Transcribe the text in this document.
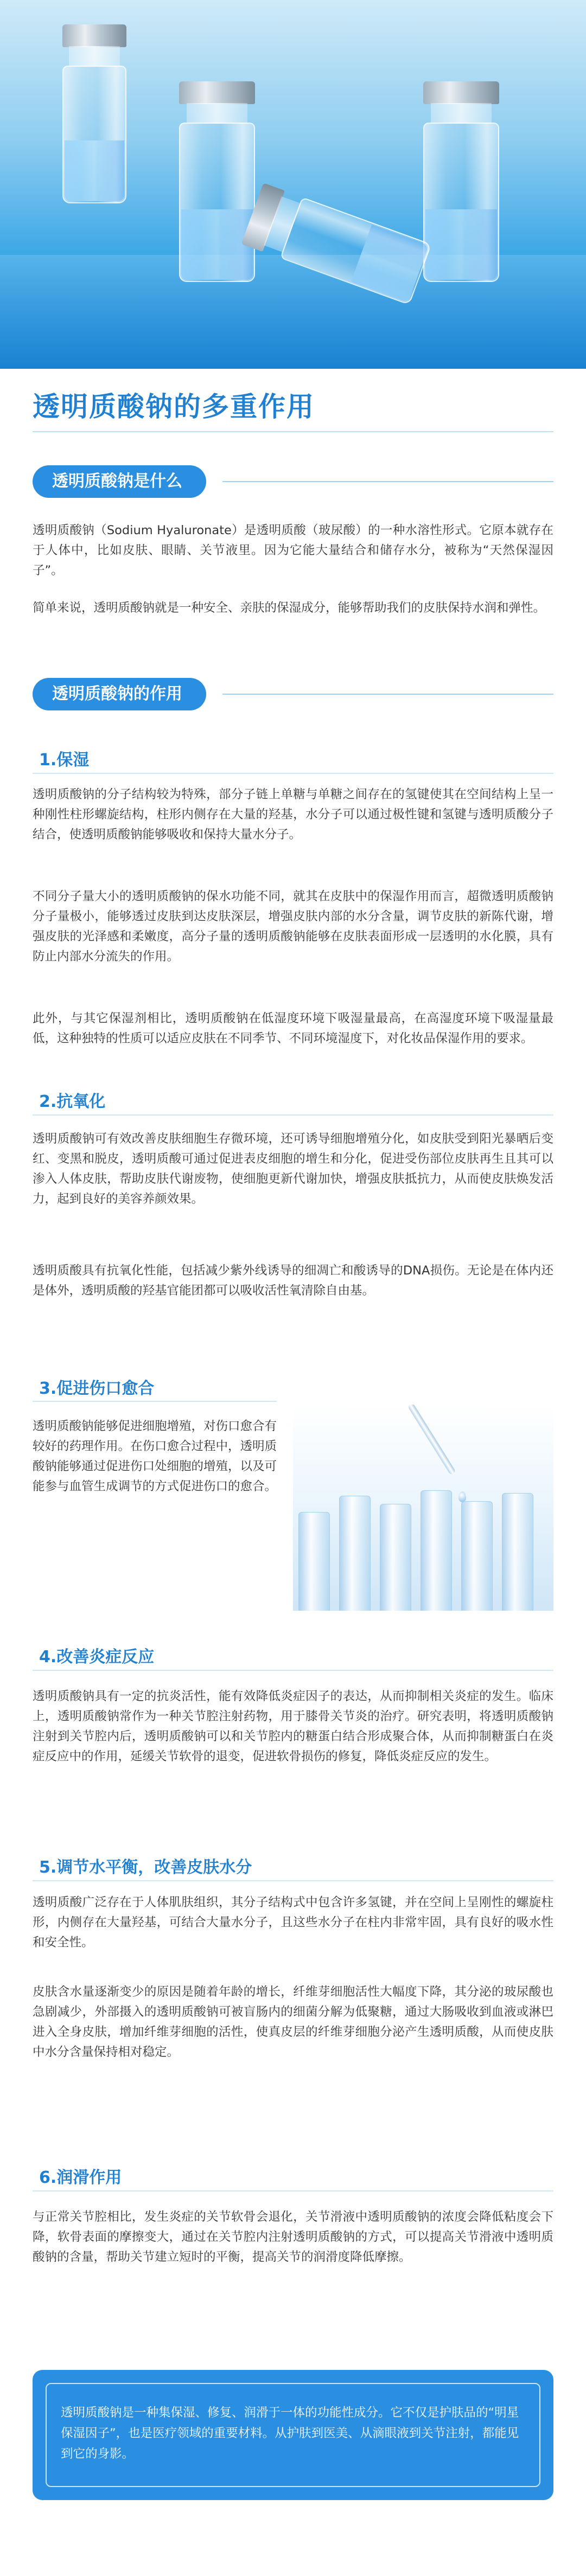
透明质酸钠的多重作用
透明质酸钠是什么

透明质酸钠（Sodium Hyaluronate）是透明质酸（玻尿酸）的一种水溶性形式。它原本就存在于人体中，比如皮肤、眼睛、关节液里。因为它能大量结合和储存水分，被称为“天然保湿因子”。

简单来说，透明质酸钠就是一种安全、亲肤的保湿成分，能够帮助我们的皮肤保持水润和弹性。

透明质酸钠的作用
1.保湿

透明质酸钠的分子结构较为特殊，部分子链上单糖与单糖之间存在的氢键使其在空间结构上呈一种刚性柱形螺旋结构，柱形内侧存在大量的羟基，水分子可以通过极性键和氢键与透明质酸分子结合，使透明质酸钠能够吸收和保持大量水分子。

不同分子量大小的透明质酸钠的保水功能不同，就其在皮肤中的保湿作用而言，超微透明质酸钠分子量极小，能够透过皮肤到达皮肤深层，增强皮肤内部的水分含量，调节皮肤的新陈代谢，增强皮肤的光泽感和柔嫩度，高分子量的透明质酸钠能够在皮肤表面形成一层透明的水化膜，具有防止内部水分流失的作用。

此外，与其它保湿剂相比，透明质酸钠在低湿度环境下吸湿量最高，在高湿度环境下吸湿量最低，这种独特的性质可以适应皮肤在不同季节、不同环境湿度下，对化妆品保湿作用的要求。

2.抗氧化

透明质酸钠可有效改善皮肤细胞生存微环境，还可诱导细胞增殖分化，如皮肤受到阳光暴晒后变红、变黑和脱皮，透明质酸可通过促进表皮细胞的增生和分化，促进受伤部位皮肤再生且其可以渗入人体皮肤，帮助皮肤代谢废物，使细胞更新代谢加快，增强皮肤抵抗力，从而使皮肤焕发活力，起到良好的美容养颜效果。

透明质酸具有抗氧化性能，包括减少紫外线诱导的细凋亡和酸诱导的DNA损伤。无论是在体内还是体外，透明质酸的羟基官能团都可以吸收活性氧清除自由基。

3.促进伤口愈合

透明质酸钠能够促进细胞增殖，对伤口愈合有较好的药理作用。在伤口愈合过程中，透明质酸钠能够通过促进伤口处细胞的增殖，以及可能参与血管生成调节的方式促进伤口的愈合。

4.改善炎症反应

透明质酸钠具有一定的抗炎活性，能有效降低炎症因子的表达，从而抑制相关炎症的发生。临床上，透明质酸钠常作为一种关节腔注射药物，用于膝骨关节炎的治疗。研究表明，将透明质酸钠注射到关节腔内后，透明质酸钠可以和关节腔内的糖蛋白结合形成聚合体，从而抑制糖蛋白在炎症反应中的作用，延缓关节软骨的退变，促进软骨损伤的修复，降低炎症反应的发生。

5.调节水平衡，改善皮肤水分

透明质酸广泛存在于人体肌肤组织，其分子结构式中包含许多氢键，并在空间上呈刚性的螺旋柱形，内侧存在大量羟基，可结合大量水分子，且这些水分子在柱内非常牢固，具有良好的吸水性和安全性。

皮肤含水量逐渐变少的原因是随着年龄的增长，纤维芽细胞活性大幅度下降，其分泌的玻尿酸也急剧减少，外部摄入的透明质酸钠可被盲肠内的细菌分解为低聚糖，通过大肠吸收到血液或淋巴进入全身皮肤，增加纤维芽细胞的活性，使真皮层的纤维芽细胞分泌产生透明质酸，从而使皮肤中水分含量保持相对稳定。

6.润滑作用

与正常关节腔相比，发生炎症的关节软骨会退化，关节滑液中透明质酸钠的浓度会降低粘度会下降，软骨表面的摩擦变大，通过在关节腔内注射透明质酸钠的方式，可以提高关节滑液中透明质酸钠的含量，帮助关节建立短时的平衡，提高关节的润滑度降低摩擦。

透明质酸钠是一种集保湿、修复、润滑于一体的功能性成分。它不仅是护肤品的“明星保湿因子”，也是医疗领域的重要材料。从护肤到医美、从滴眼液到关节注射，都能见到它的身影。
